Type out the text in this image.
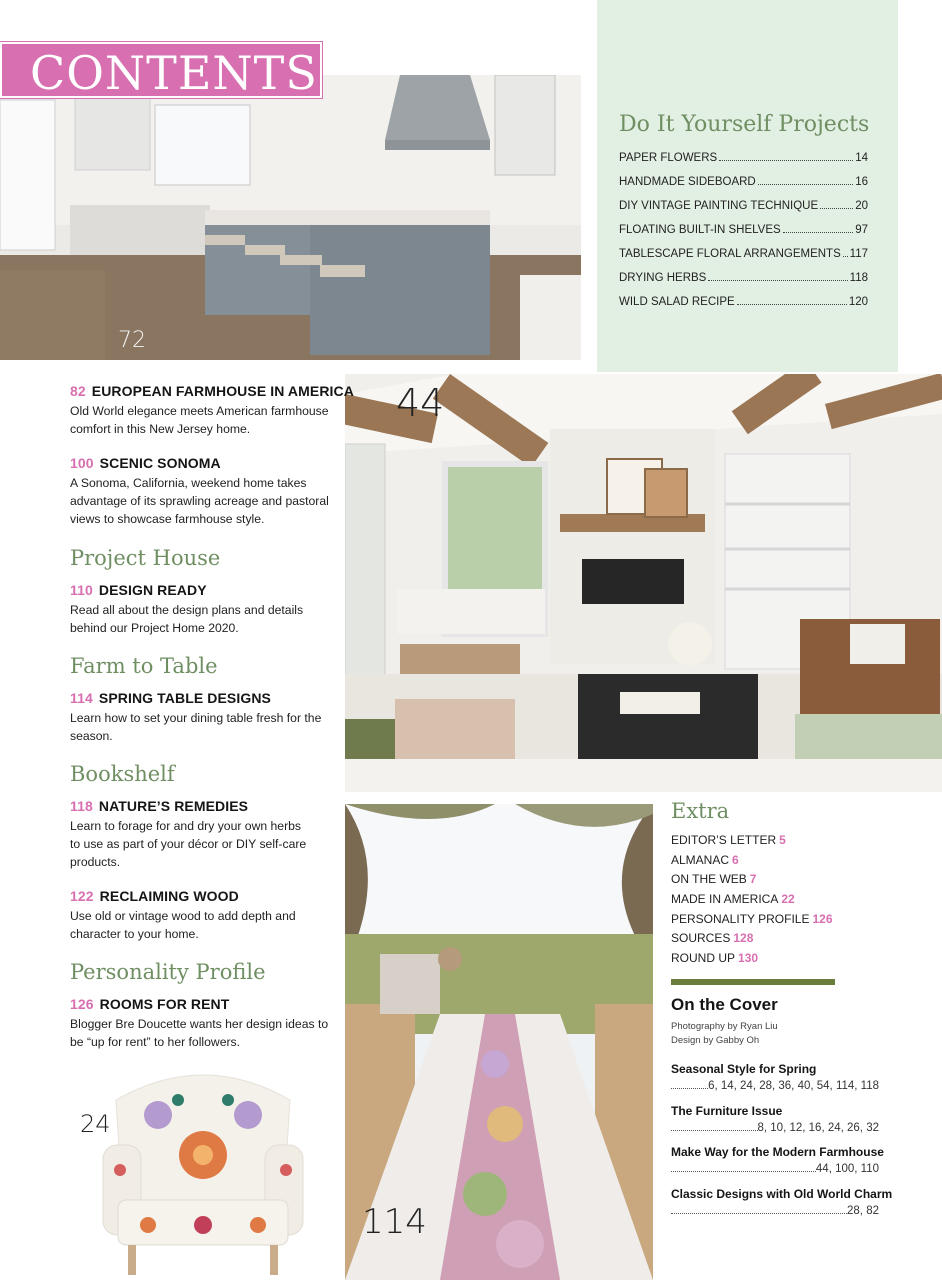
72
CONTENTS
Do It Yourself Projects
PAPER FLOWERS	14
HANDMADE SIDEBOARD	16
DIY VINTAGE PAINTING TECHNIQUE	20
FLOATING BUILT-IN SHELVES	97
TABLESCAPE FLORAL ARRANGEMENTS 117
DRYING HERBS	118
WILD SALAD RECIPE	120
44
114
24
82 EUROPEAN FARMHOUSE IN AMERICA
Old World elegance meets American farmhouse comfort in this New Jersey home.
100 SCENIC SONOMA
A Sonoma, California, weekend home takes advantage of its sprawling acreage and pastoral views to showcase farmhouse style.
Project House
110 DESIGN READY
Read all about the design plans and details behind our Project Home 2020.
Farm to Table
114 SPRING TABLE DESIGNS
Learn how to set your dining table fresh for the season.
Bookshelf
118 NATURE’S REMEDIES
Learn to forage for and dry your own herbs to use as part of your décor or DIY self-care products.
122 RECLAIMING WOOD
Use old or vintage wood to add depth and character to your home.
Personality Profile
126 ROOMS FOR RENT
Blogger Bre Doucette wants her design ideas to be “up for rent” to her followers.
Extra
EDITOR’S LETTER 5
ALMANAC 6
ON THE WEB 7
MADE IN AMERICA 22
PERSONALITY PROFILE 126
SOURCES 128
ROUND UP 130
On the Cover
Photography by Ryan Liu
Design by Gabby Oh
Seasonal Style for Spring
6, 14, 24, 28, 36, 40, 54, 114, 118
The Furniture Issue
8, 10, 12, 16, 24, 26, 32
Make Way for the Modern Farmhouse
44, 100, 110
Classic Designs with Old World Charm
28, 82
